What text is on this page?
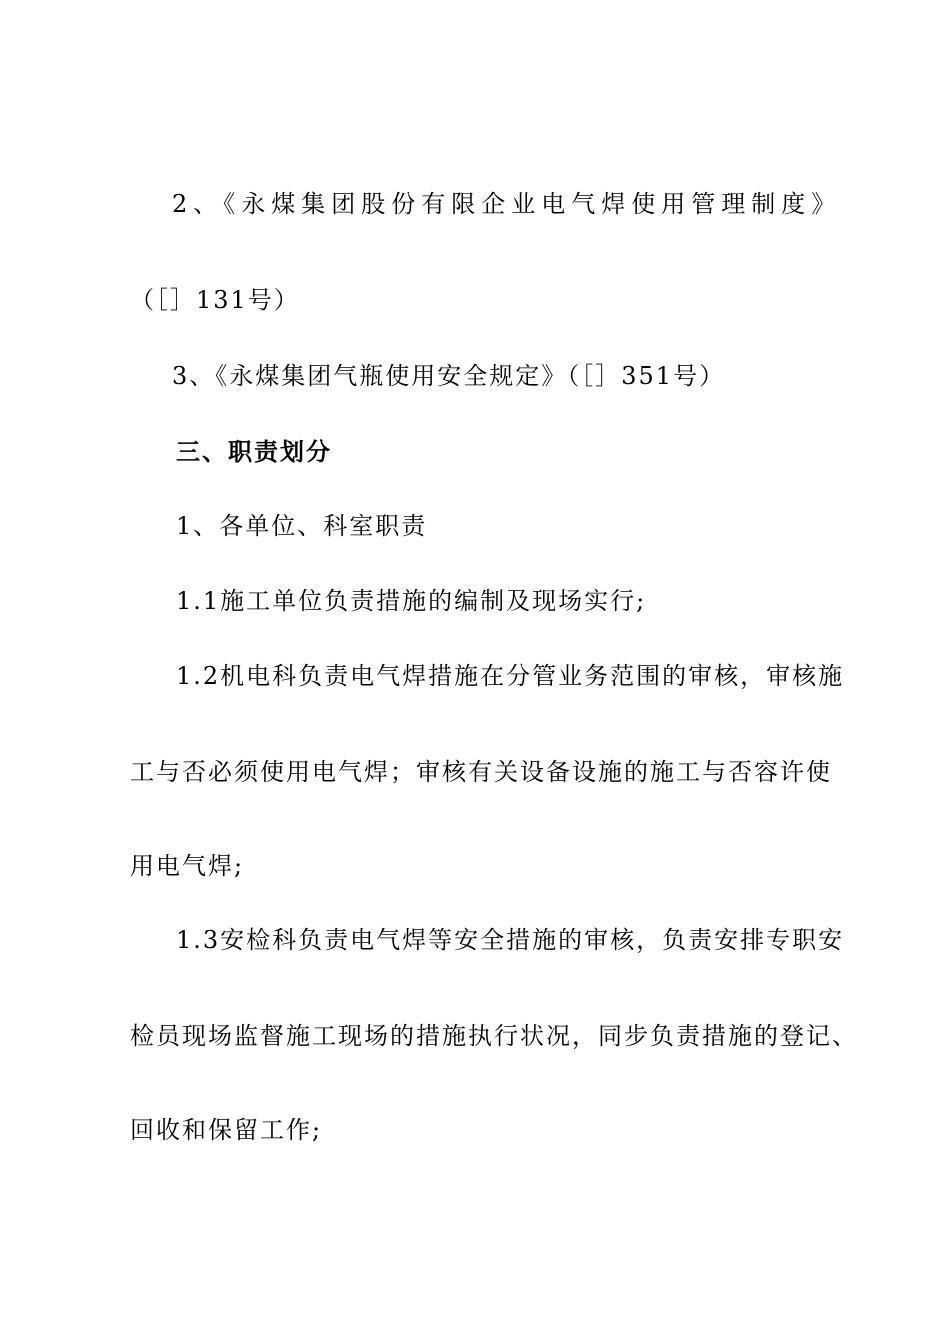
2、《永煤集团股份有限企业电气焊使用管理制度》
（［］131号）
3、《永煤集团气瓶使用安全规定》（［］351号）
三、职责划分
1、各单位、科室职责
1.1施工单位负责措施的编制及现场实行;
1.2机电科负责电气焊措施在分管业务范围的审核，审核施
工与否必须使用电气焊；审核有关设备设施的施工与否容许使
用电气焊;
1.3安检科负责电气焊等安全措施的审核，负责安排专职安
检员现场监督施工现场的措施执行状况，同步负责措施的登记、
回收和保留工作;
